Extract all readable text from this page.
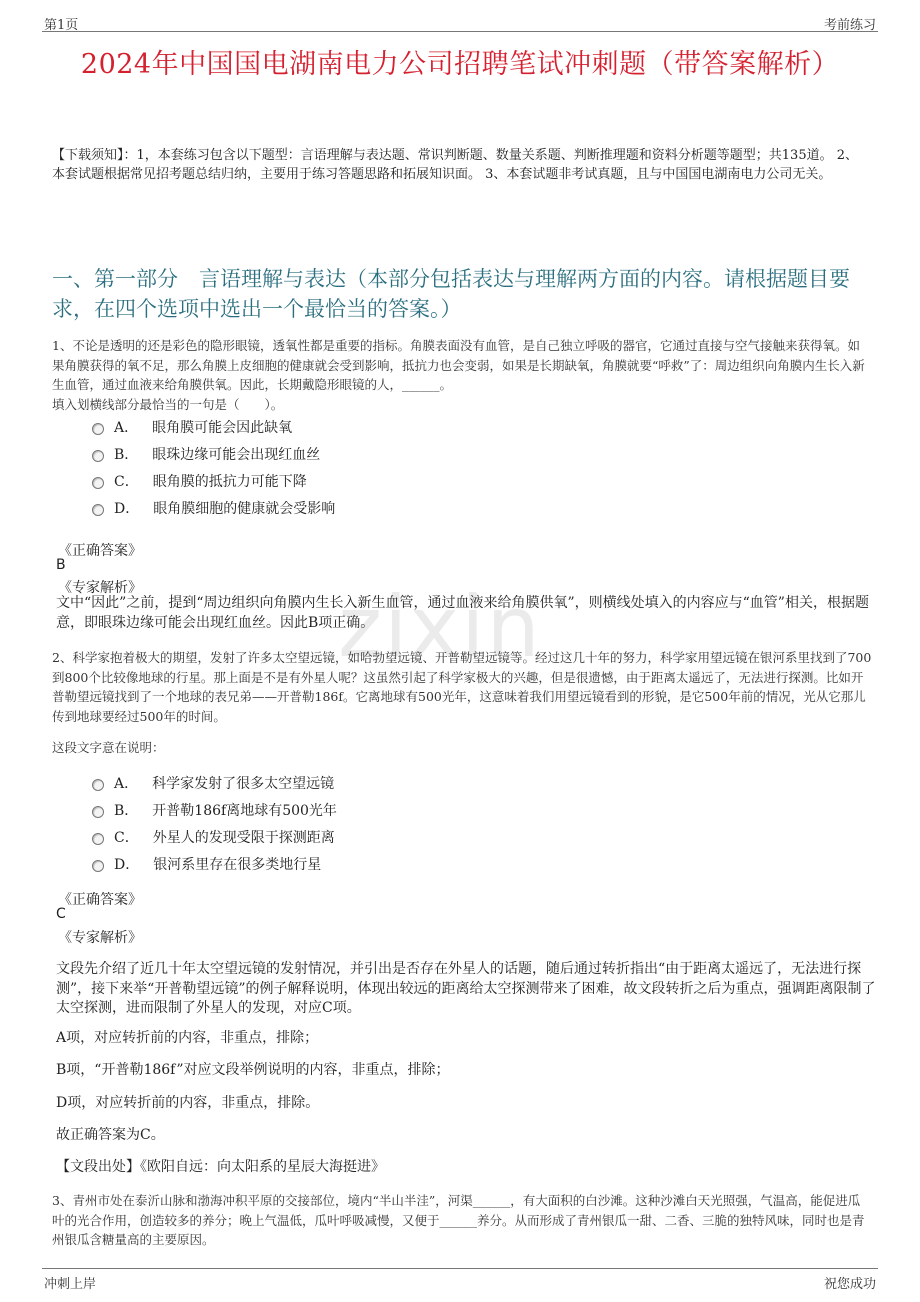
第1页	考前练习
2024年中国国电湖南电力公司招聘笔试冲刺题（带答案解析）
【下载须知】：1，本套练习包含以下题型：言语理解与表达题、常识判断题、数量关系题、判断推理题和资料分析题等题型；共135道。 2、本套试题根据常见招考题总结归纳，主要用于练习答题思路和拓展知识面。 3、本套试题非考试真题，且与中国国电湖南电力公司无关。
一、第一部分　言语理解与表达（本部分包括表达与理解两方面的内容。请根据题目要求，在四个选项中选出一个最恰当的答案。）
1、不论是透明的还是彩色的隐形眼镜，透氧性都是重要的指标。角膜表面没有血管，是自己独立呼吸的器官，它通过直接与空气接触来获得氧。如果角膜获得的氧不足，那么角膜上皮细胞的健康就会受到影响，抵抗力也会变弱，如果是长期缺氧，角膜就要“呼救”了：周边组织向角膜内生长入新生血管，通过血液来给角膜供氧。因此，长期戴隐形眼镜的人，______。
填入划横线部分最恰当的一句是（　　）。
A． 眼角膜可能会因此缺氧
B． 眼珠边缘可能会出现红血丝
C． 眼角膜的抵抗力可能下降
D． 眼角膜细胞的健康就会受影响
《正确答案》
B
《专家解析》
文中“因此”之前，提到“周边组织向角膜内生长入新生血管，通过血液来给角膜供氧”，则横线处填入的内容应与“血管”相关，根据题意，即眼珠边缘可能会出现红血丝。因此B项正确。
zixin
2、科学家抱着极大的期望，发射了许多太空望远镜，如哈勃望远镜、开普勒望远镜等。经过这几十年的努力，科学家用望远镜在银河系里找到了700到800个比较像地球的行星。那上面是不是有外星人呢？这虽然引起了科学家极大的兴趣，但是很遗憾，由于距离太遥远了，无法进行探测。比如开普勒望远镜找到了一个地球的表兄弟——开普勒186f。它离地球有500光年，这意味着我们用望远镜看到的形貌，是它500年前的情况，光从它那儿传到地球要经过500年的时间。
这段文字意在说明：
A． 科学家发射了很多太空望远镜
B． 开普勒186f离地球有500光年
C． 外星人的发现受限于探测距离
D． 银河系里存在很多类地行星
《正确答案》
C
《专家解析》
文段先介绍了近几十年太空望远镜的发射情况，并引出是否存在外星人的话题，随后通过转折指出“由于距离太遥远了，无法进行探测”，接下来举“开普勒望远镜”的例子解释说明，体现出较远的距离给太空探测带来了困难，故文段转折之后为重点，强调距离限制了太空探测，进而限制了外星人的发现，对应C项。
A项，对应转折前的内容，非重点，排除；
B项，“开普勒186f”对应文段举例说明的内容，非重点，排除；
D项，对应转折前的内容，非重点，排除。
故正确答案为C。
【文段出处】《欧阳自远：向太阳系的星辰大海挺进》
3、青州市处在泰沂山脉和渤海冲积平原的交接部位，境内“半山半洼”，河渠______，有大面积的白沙滩。这种沙滩白天光照强，气温高，能促进瓜叶的光合作用，创造较多的养分；晚上气温低，瓜叶呼吸减慢，又便于______养分。从而形成了青州银瓜一甜、二香、三脆的独特风味，同时也是青州银瓜含糖量高的主要原因。
冲刺上岸	祝您成功
